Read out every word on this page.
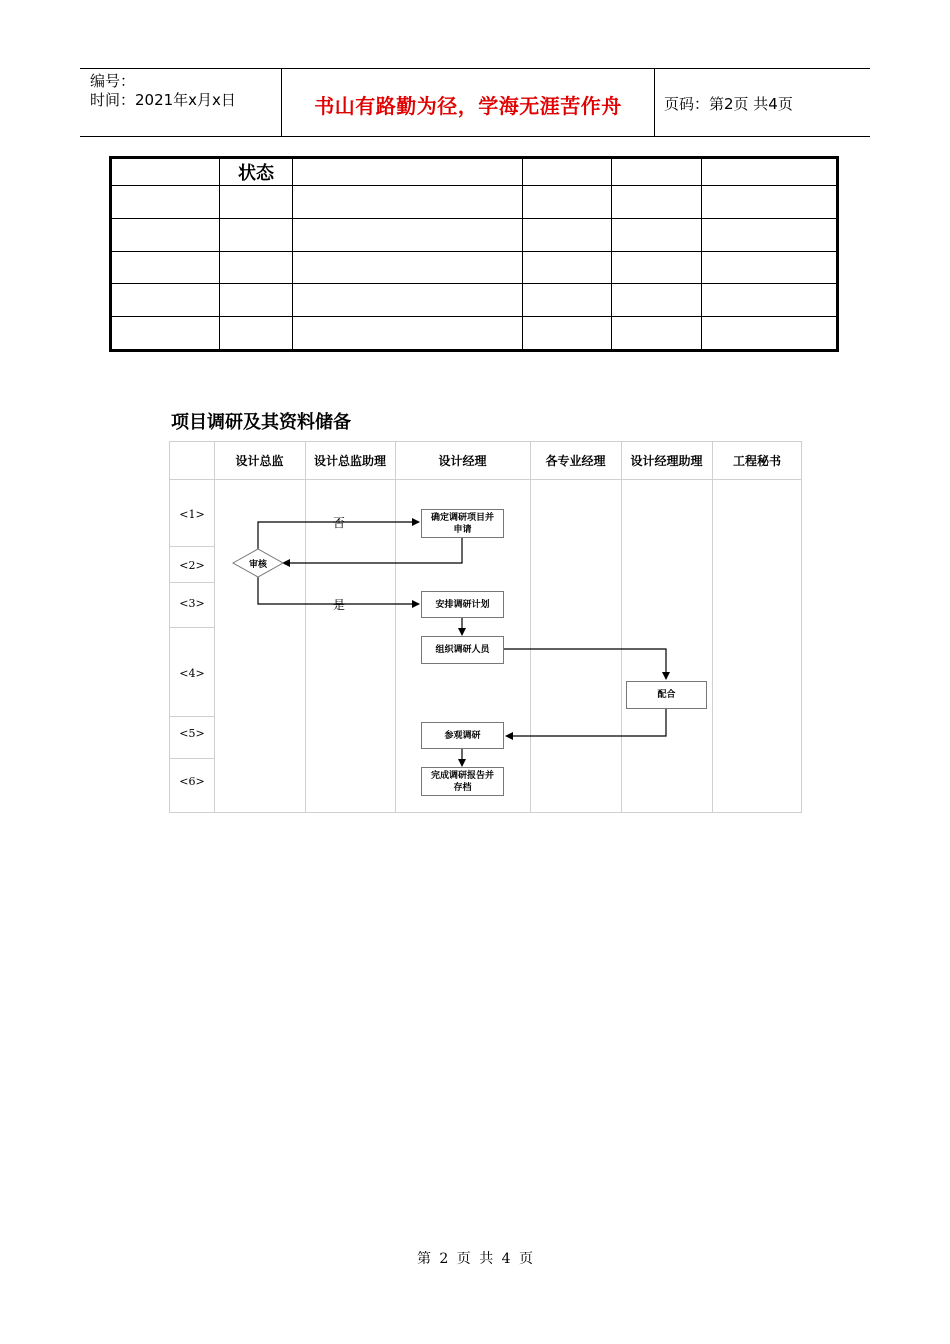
编号：
时间：2021年x月x日	书山有路勤为径，学海无涯苦作舟	页码：第2页 共4页
	状态				

项目调研及其资料储备
设计总监	设计总监助理	设计经理	各专业经理	设计经理助理	工程秘书
<1>
<2>
<3>
<4>
<5>
<6>
确定调研项目并申请
审核
安排调研计划
组织调研人员
配合
参观调研
完成调研报告并存档
否
是
第 2 页 共 4 页
